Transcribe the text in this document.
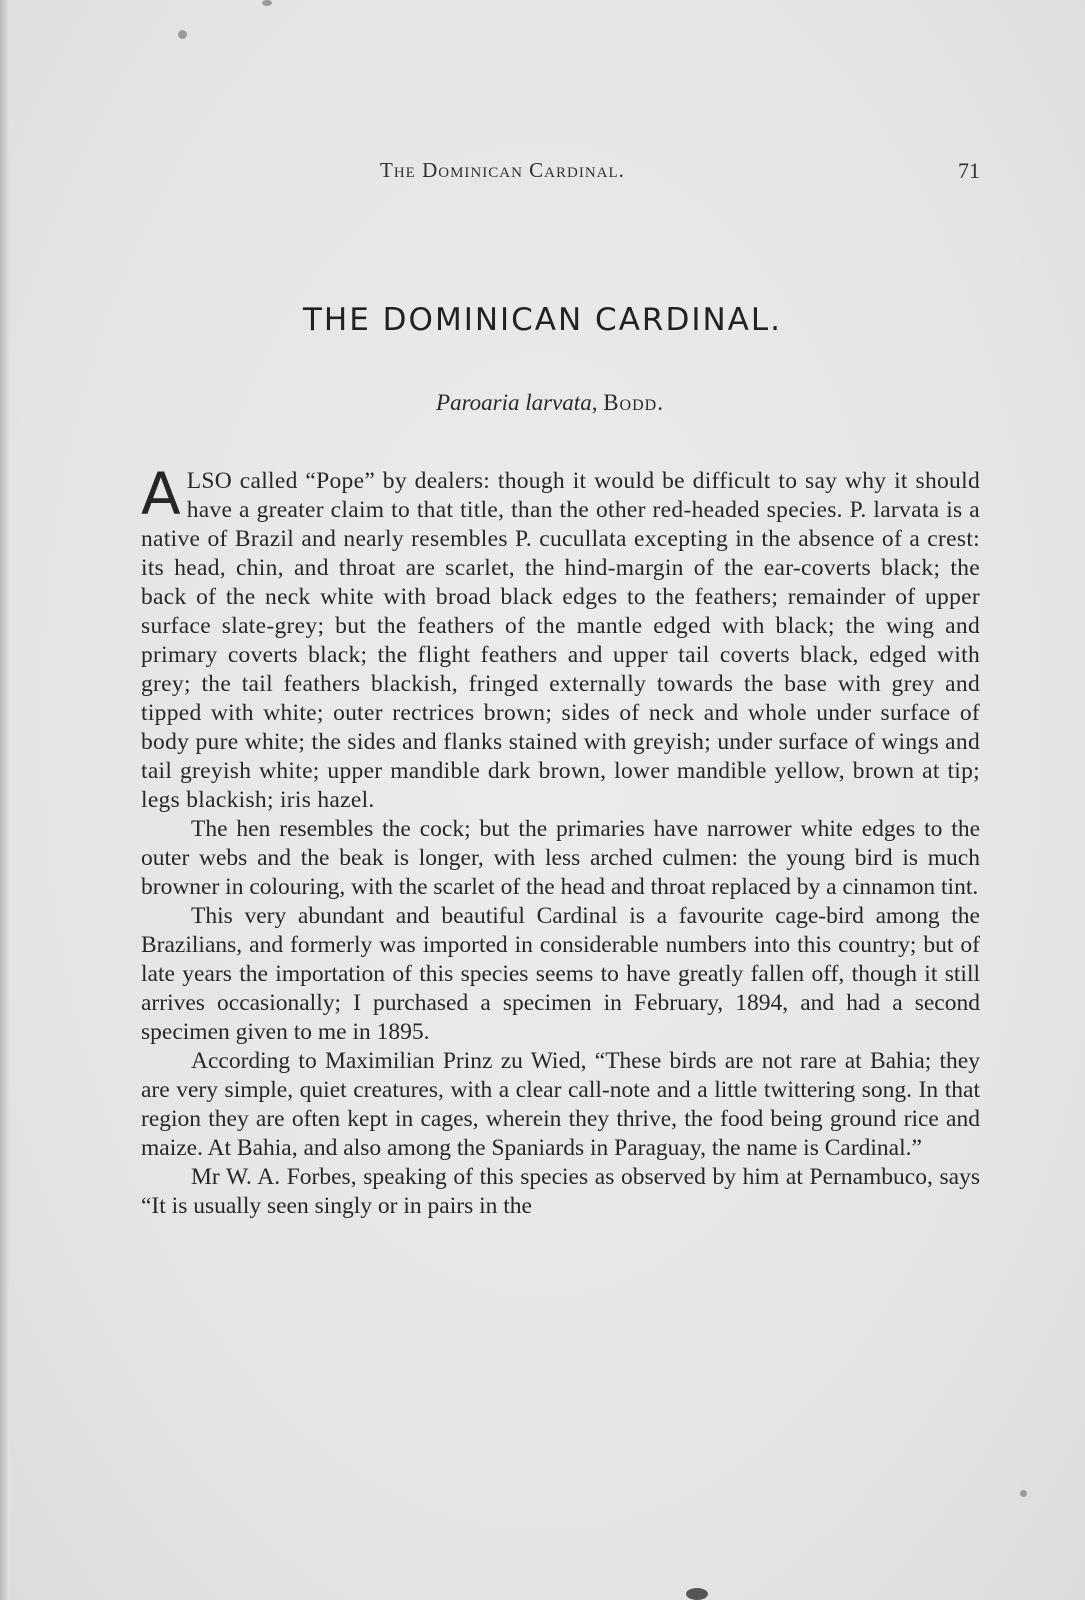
The Dominican Cardinal.	71
THE DOMINICAN CARDINAL.
Paroaria larvata, Bodd.

ALSO called “Pope” by dealers: though it would be difficult to say why it should have a greater claim to that title, than the other red-headed species. P. larvata is a native of Brazil and nearly resembles P. cucullata excepting in the absence of a crest: its head, chin, and throat are scarlet, the hind-margin of the ear-coverts black; the back of the neck white with broad black edges to the feathers; remainder of upper surface slate-grey; but the feathers of the mantle edged with black; the wing and primary coverts black; the flight feathers and upper tail coverts black, edged with grey; the tail feathers blackish, fringed externally towards the base with grey and tipped with white; outer rectrices brown; sides of neck and whole under surface of body pure white; the sides and flanks stained with greyish; under surface of wings and tail greyish white; upper mandible dark brown, lower mandible yellow, brown at tip; legs blackish; iris hazel.

The hen resembles the cock; but the primaries have narrower white edges to the outer webs and the beak is longer, with less arched culmen: the young bird is much browner in colouring, with the scarlet of the head and throat replaced by a cinnamon tint.

This very abundant and beautiful Cardinal is a favourite cage-bird among the Brazilians, and formerly was imported in considerable numbers into this country; but of late years the importation of this species seems to have greatly fallen off, though it still arrives occasionally; I purchased a specimen in February, 1894, and had a second specimen given to me in 1895.

According to Maximilian Prinz zu Wied, “These birds are not rare at Bahia; they are very simple, quiet creatures, with a clear call-note and a little twittering song. In that region they are often kept in cages, wherein they thrive, the food being ground rice and maize. At Bahia, and also among the Spaniards in Paraguay, the name is Cardinal.”

Mr W. A. Forbes, speaking of this species as observed by him at Pernambuco, says “It is usually seen singly or in pairs in the
